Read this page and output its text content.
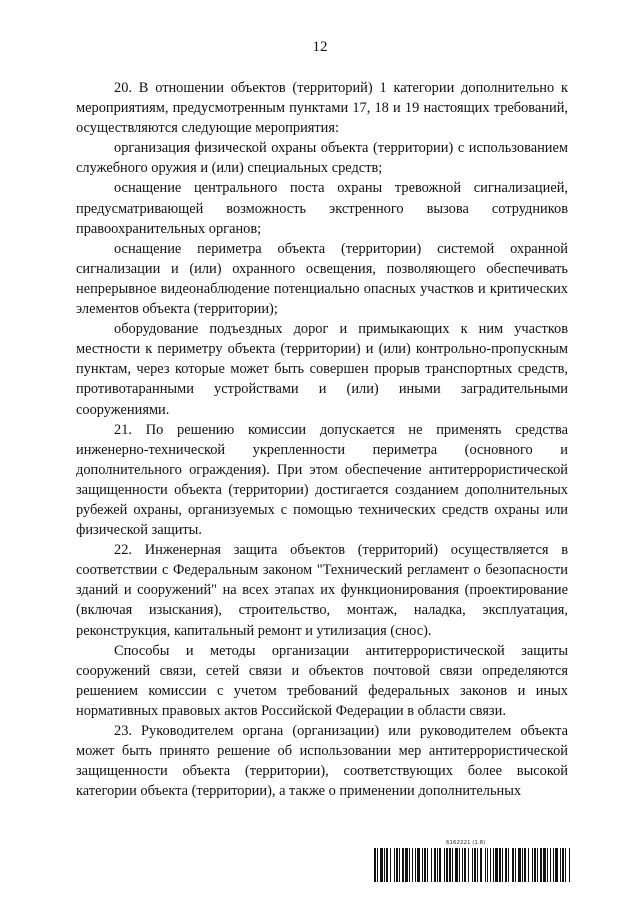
12

20. В отношении объектов (территорий) 1 категории дополнительно к мероприятиям, предусмотренным пунктами 17, 18 и 19 настоящих требований, осуществляются следующие мероприятия:

организация физической охраны объекта (территории) с использованием служебного оружия и (или) специальных средств;

оснащение центрального поста охраны тревожной сигнализацией, предусматривающей возможность экстренного вызова сотрудников правоохранительных органов;

оснащение периметра объекта (территории) системой охранной сигнализации и (или) охранного освещения, позволяющего обеспечивать непрерывное видеонаблюдение потенциально опасных участков и критических элементов объекта (территории);

оборудование подъездных дорог и примыкающих к ним участков местности к периметру объекта (территории) и (или) контрольно-пропускным пунктам, через которые может быть совершен прорыв транспортных средств, противотаранными устройствами и (или) иными заградительными сооружениями.

21. По решению комиссии допускается не применять средства инженерно-технической укрепленности периметра (основного и дополнительного ограждения). При этом обеспечение антитеррористической защищенности объекта (территории) достигается созданием дополнительных рубежей охраны, организуемых с помощью технических средств охраны или физической защиты.

22. Инженерная защита объектов (территорий) осуществляется в соответствии с Федеральным законом "Технический регламент о безопасности зданий и сооружений" на всех этапах их функционирования (проектирование (включая изыскания), строительство, монтаж, наладка, эксплуатация, реконструкция, капитальный ремонт и утилизация (снос).

Способы и методы организации антитеррористической защиты сооружений связи, сетей связи и объектов почтовой связи определяются решением комиссии с учетом требований федеральных законов и иных нормативных правовых актов Российской Федерации в области связи.

23. Руководителем органа (организации) или руководителем объекта может быть принято решение об использовании мер антитеррористической защищенности объекта (территории), соответствующих более высокой категории объекта (территории), а также о применении дополнительных

6162221 (1.8)
